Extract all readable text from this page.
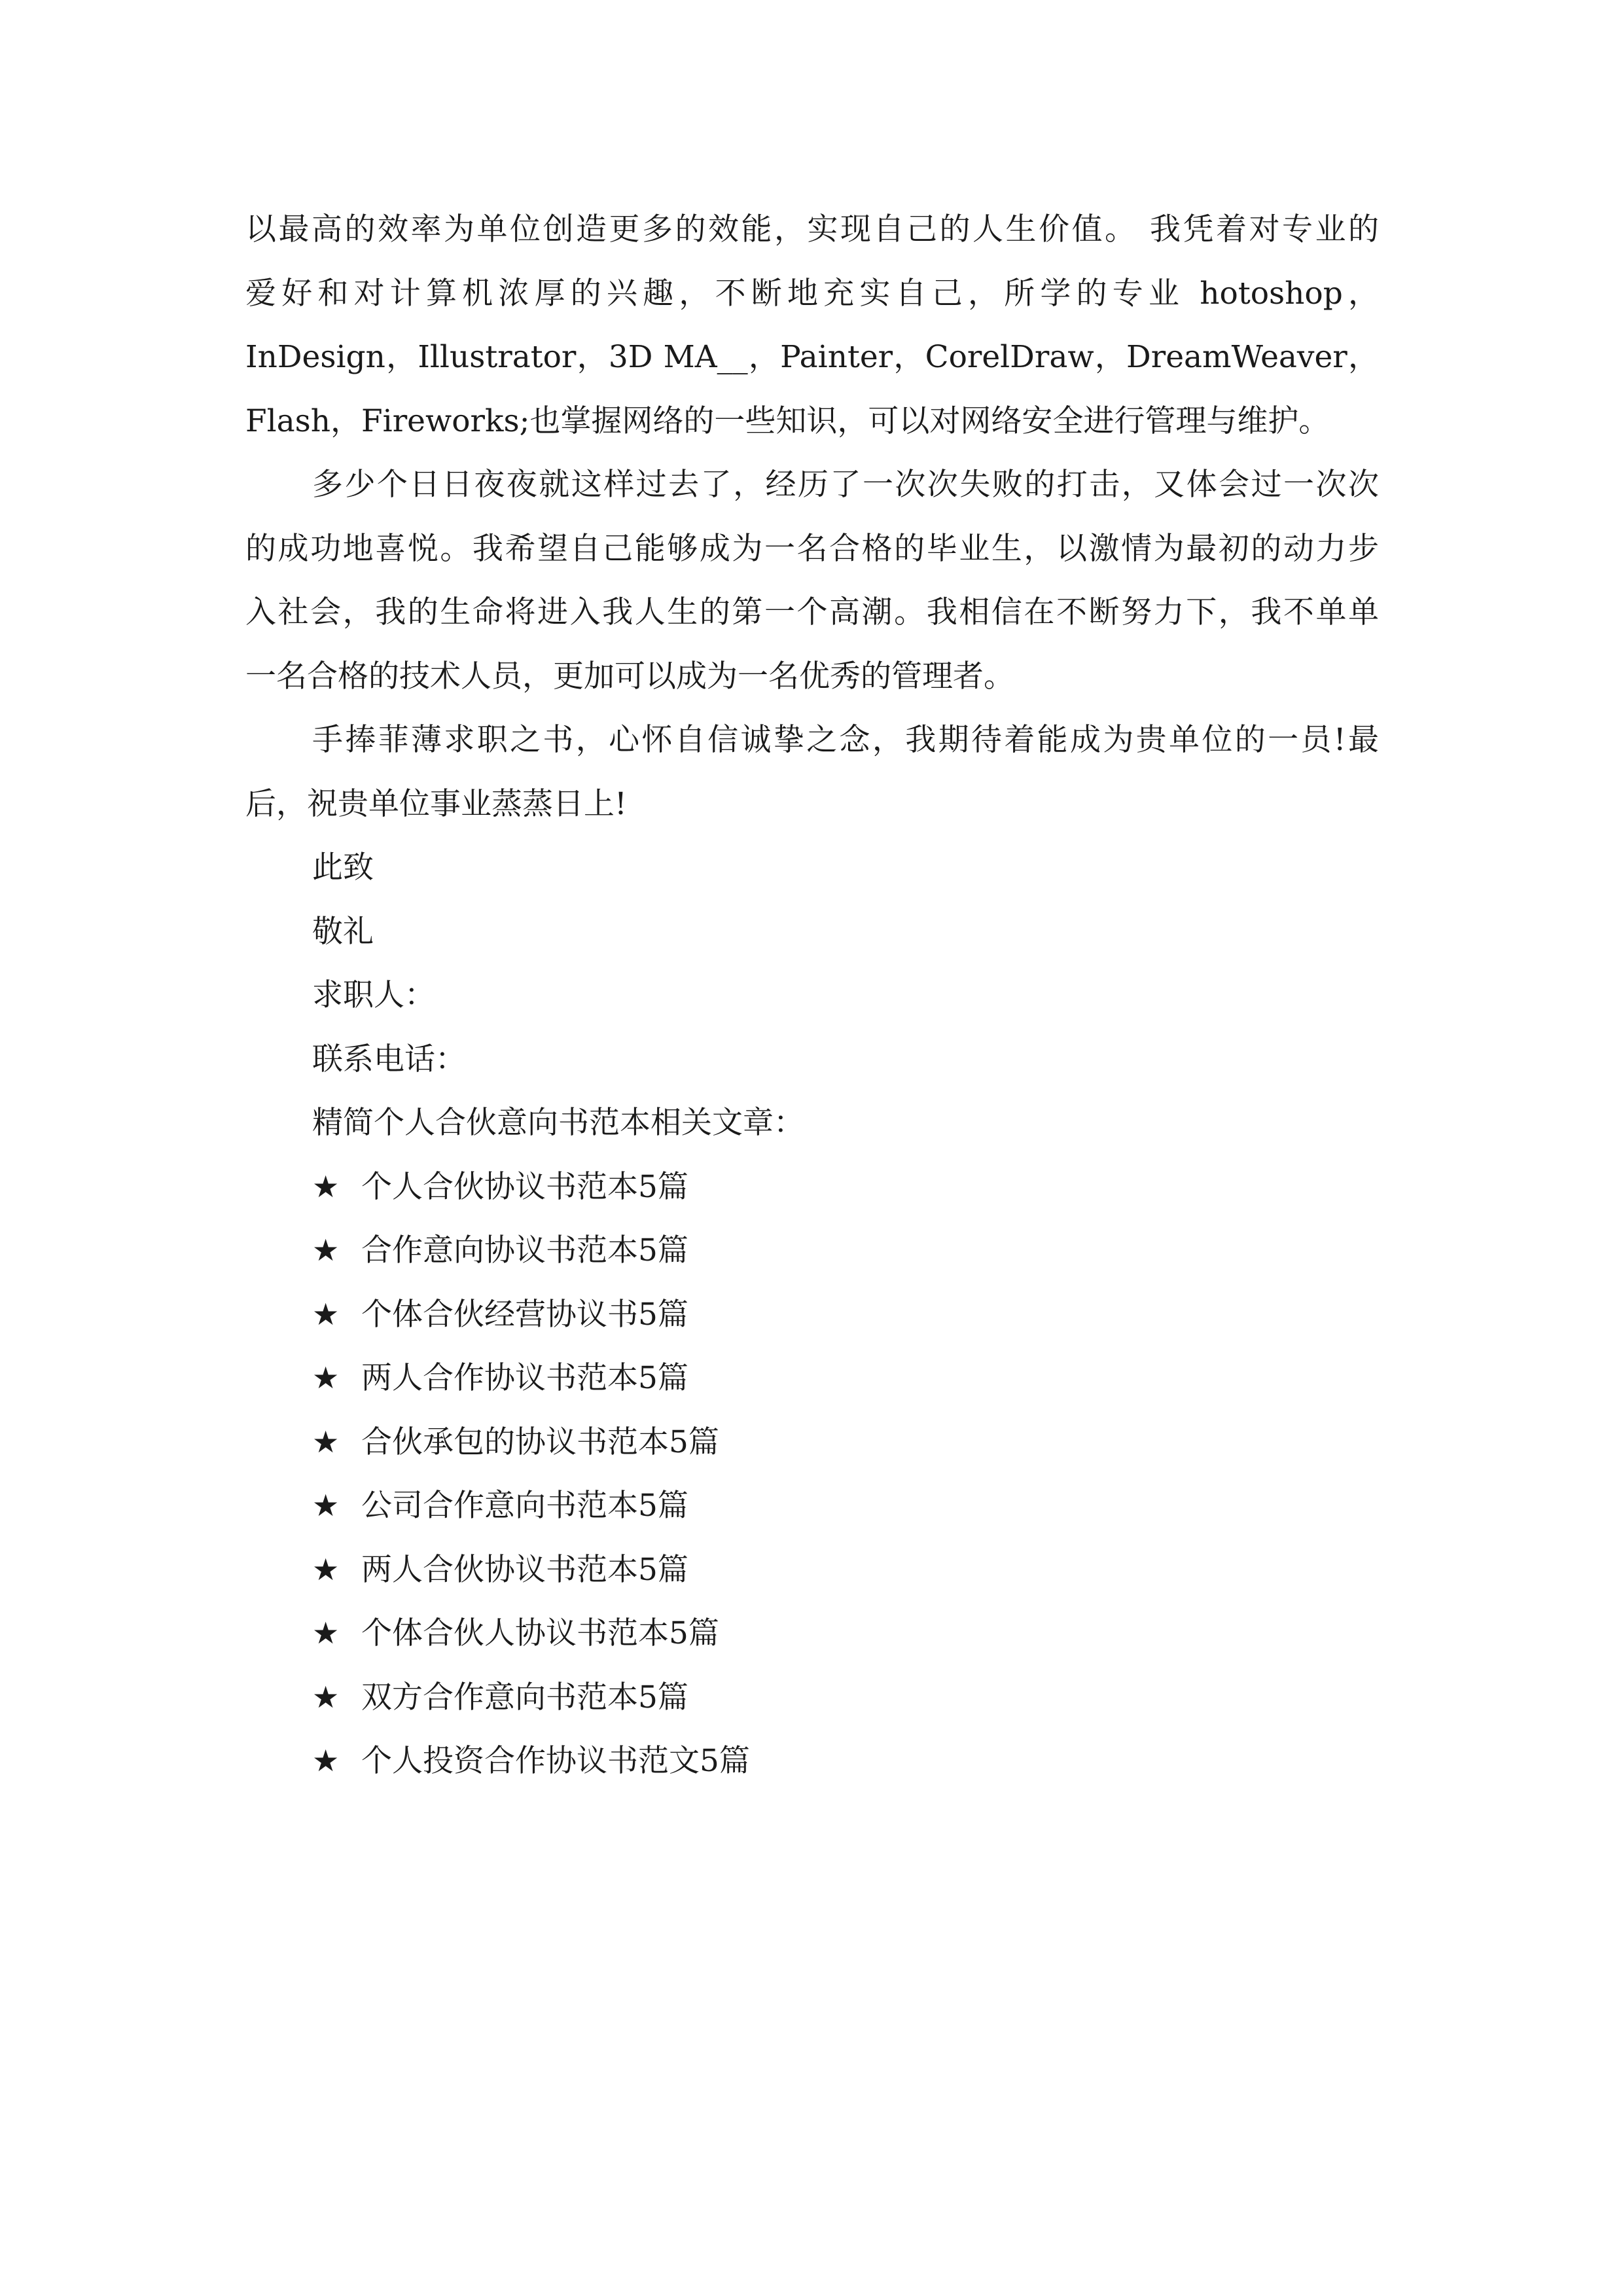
以最高的效率为单位创造更多的效能，实现自己的人生价值。 我凭着对专业的
爱好和对计算机浓厚的兴趣，不断地充实自己，所学的专业 hotoshop，
InDesign，Illustrator，3D MA__，Painter，CorelDraw，DreamWeaver，
Flash，Fireworks;也掌握网络的一些知识，可以对网络安全进行管理与维护。

多少个日日夜夜就这样过去了，经历了一次次失败的打击，又体会过一次次
的成功地喜悦。我希望自己能够成为一名合格的毕业生，以激情为最初的动力步
入社会，我的生命将进入我人生的第一个高潮。我相信在不断努力下，我不单单
一名合格的技术人员，更加可以成为一名优秀的管理者。

手捧菲薄求职之书，心怀自信诚挚之念，我期待着能成为贵单位的一员!最
后，祝贵单位事业蒸蒸日上!

此致

敬礼

求职人：

联系电话：

精简个人合伙意向书范本相关文章：

★ 个人合伙协议书范本5篇
★ 合作意向协议书范本5篇
★ 个体合伙经营协议书5篇
★ 两人合作协议书范本5篇
★ 合伙承包的协议书范本5篇
★ 公司合作意向书范本5篇
★ 两人合伙协议书范本5篇
★ 个体合伙人协议书范本5篇
★ 双方合作意向书范本5篇
★ 个人投资合作协议书范文5篇
